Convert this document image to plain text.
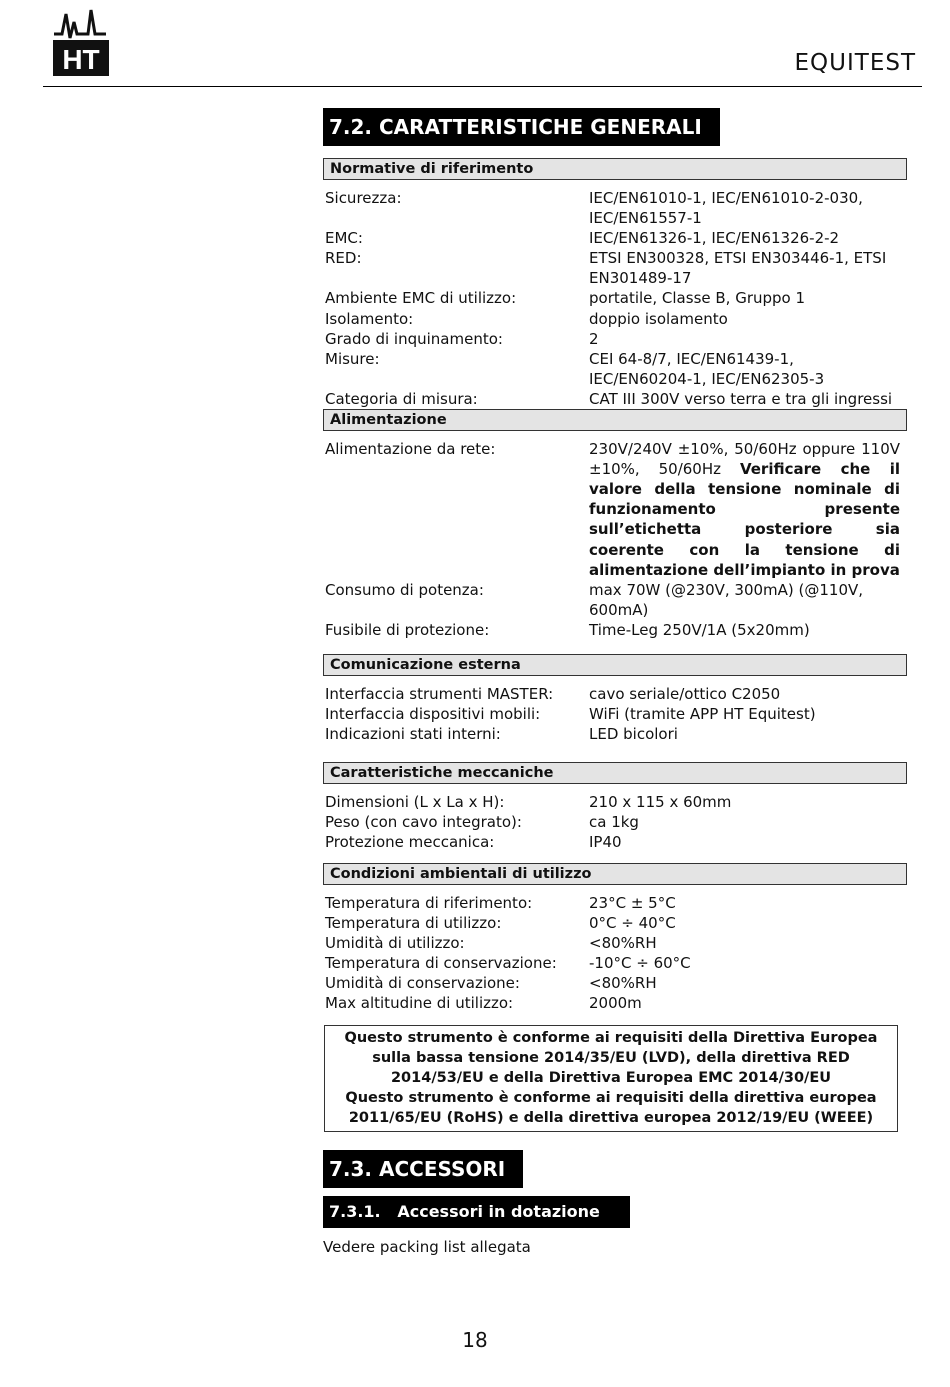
HT	EQUITEST
7.2. CARATTERISTICHE GENERALI
Normative di riferimento
Sicurezza:	IEC/EN61010-1, IEC/EN61010-2-030, IEC/EN61557-1
EMC:	IEC/EN61326-1, IEC/EN61326-2-2
RED:	ETSI EN300328, ETSI EN303446-1, ETSI EN301489-17
Ambiente EMC di utilizzo:	portatile, Classe B, Gruppo 1
Isolamento:	doppio isolamento
Grado di inquinamento:	2
Misure:	CEI 64-8/7, IEC/EN61439-1, IEC/EN60204-1, IEC/EN62305-3
Categoria di misura:	CAT III 300V verso terra e tra gli ingressi
Alimentazione
Alimentazione da rete:	230V/240V ±10%, 50/60Hz oppure 110V ±10%, 50/60Hz Verificare che il valore della tensione nominale di funzionamento presente sull’etichetta posteriore sia coerente con la tensione di alimentazione dell’impianto in prova
Consumo di potenza:	max 70W (@230V, 300mA) (@110V, 600mA)
Fusibile di protezione:	Time-Leg 250V/1A (5x20mm)
Comunicazione esterna
Interfaccia strumenti MASTER:	cavo seriale/ottico C2050
Interfaccia dispositivi mobili:	WiFi (tramite APP HT Equitest)
Indicazioni stati interni:	LED bicolori
Caratteristiche meccaniche
Dimensioni (L x La x H):	210 x 115 x 60mm
Peso (con cavo integrato):	ca 1kg
Protezione meccanica:	IP40
Condizioni ambientali di utilizzo
Temperatura di riferimento:	23°C ± 5°C
Temperatura di utilizzo:	0°C ÷ 40°C
Umidità di utilizzo:	<80%RH
Temperatura di conservazione:	-10°C ÷ 60°C
Umidità di conservazione:	<80%RH
Max altitudine di utilizzo:	2000m
Questo strumento è conforme ai requisiti della Direttiva Europea sulla bassa tensione 2014/35/EU (LVD), della direttiva RED 2014/53/EU e della Direttiva Europea EMC 2014/30/EU
Questo strumento è conforme ai requisiti della direttiva europea 2011/65/EU (RoHS) e della direttiva europea 2012/19/EU (WEEE)
7.3. ACCESSORI
7.3.1.   Accessori in dotazione
Vedere packing list allegata
18
